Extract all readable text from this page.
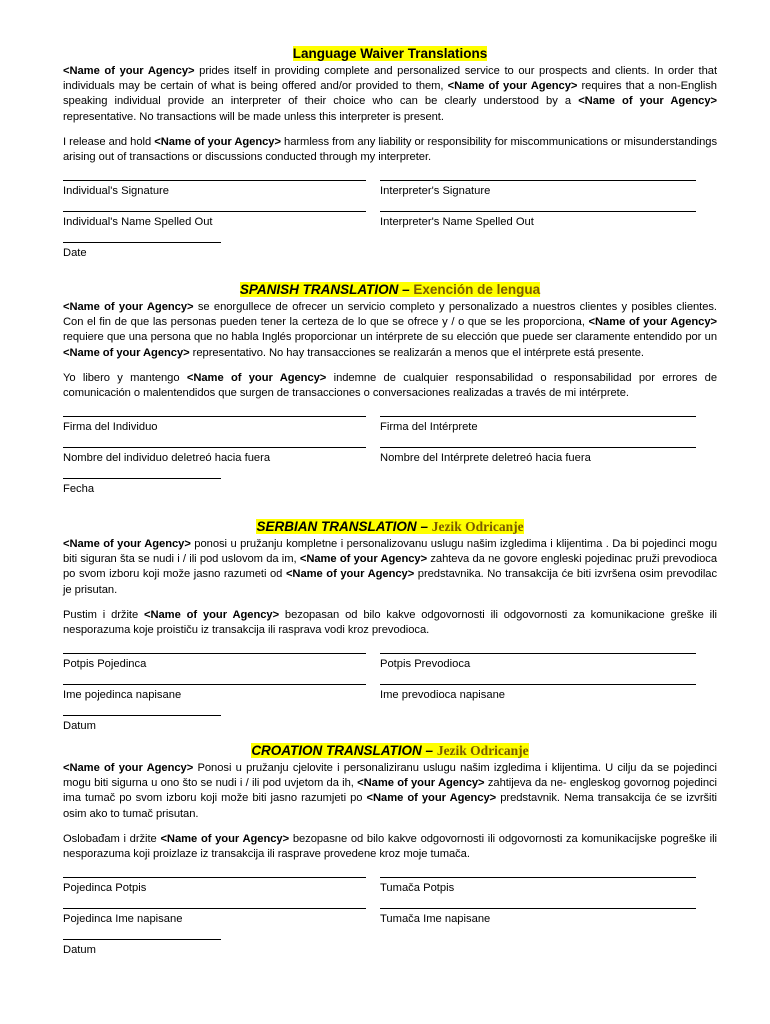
Language Waiver Translations

<Name of your Agency> prides itself in providing complete and personalized service to our prospects and clients. In order that individuals may be certain of what is being offered and/or provided to them, <Name of your Agency> requires that a non-English speaking individual provide an interpreter of their choice who can be clearly understood by a <Name of your Agency> representative. No transactions will be made unless this interpreter is present.

I release and hold <Name of your Agency> harmless from any liability or responsibility for miscommunications or misunderstandings arising out of transactions or discussions conducted through my interpreter.

Individual's Signature	Interpreter's Signature
Individual's Name Spelled Out	Interpreter's Name Spelled Out
Date
SPANISH TRANSLATION – Exención de lengua

<Name of your Agency> se enorgullece de ofrecer un servicio completo y personalizado a nuestros clientes y posibles clientes. Con el fin de que las personas pueden tener la certeza de lo que se ofrece y / o que se les proporciona, <Name of your Agency> requiere que una persona que no habla Inglés proporcionar un intérprete de su elección que puede ser claramente entendido por un <Name of your Agency> representativo. No hay transacciones se realizarán a menos que el intérprete está presente.

Yo libero y mantengo <Name of your Agency> indemne de cualquier responsabilidad o responsabilidad por errores de comunicación o malentendidos que surgen de transacciones o conversaciones realizadas a través de mi intérprete.

Firma del Individuo	Firma del Intérprete
Nombre del individuo deletreó hacia fuera	Nombre del Intérprete deletreó hacia fuera
Fecha
SERBIAN TRANSLATION – Jezik Odricanje

<Name of your Agency> ponosi u pružanju kompletne i personalizovanu uslugu našim izgledima i klijentima . Da bi pojedinci mogu biti siguran šta se nudi i / ili pod uslovom da im, <Name of your Agency> zahteva da ne govore engleski pojedinac pruži prevodioca po svom izboru koji može jasno razumeti od <Name of your Agency> predstavnika. No transakcija će biti izvršena osim prevodilac je prisutan.

Pustim i držite <Name of your Agency> bezopasan od bilo kakve odgovornosti ili odgovornosti za komunikacione greške ili nesporazuma koje proističu iz transakcija ili rasprava vodi kroz prevodioca.

Potpis Pojedinca	Potpis Prevodioca
Ime pojedinca napisane	Ime prevodioca napisane
Datum
CROATION TRANSLATION – Jezik Odricanje

<Name of your Agency> Ponosi u pružanju cjelovite i personaliziranu uslugu našim izgledima i klijentima. U cilju da se pojedinci mogu biti sigurna u ono što se nudi i / ili pod uvjetom da ih, <Name of your Agency> zahtijeva da ne- engleskog govornog pojedinci ima tumač po svom izboru koji može biti jasno razumjeti po <Name of your Agency> predstavnik. Nema transakcija će se izvršiti osim ako to tumač prisutan.

Oslobađam i držite <Name of your Agency> bezopasne od bilo kakve odgovornosti ili odgovornosti za komunikacijske pogreške ili nesporazuma koji proizlaze iz transakcija ili rasprave provedene kroz moje tumača.

Pojedinca Potpis	Tumača Potpis
Pojedinca Ime napisane	Tumača Ime napisane
Datum
